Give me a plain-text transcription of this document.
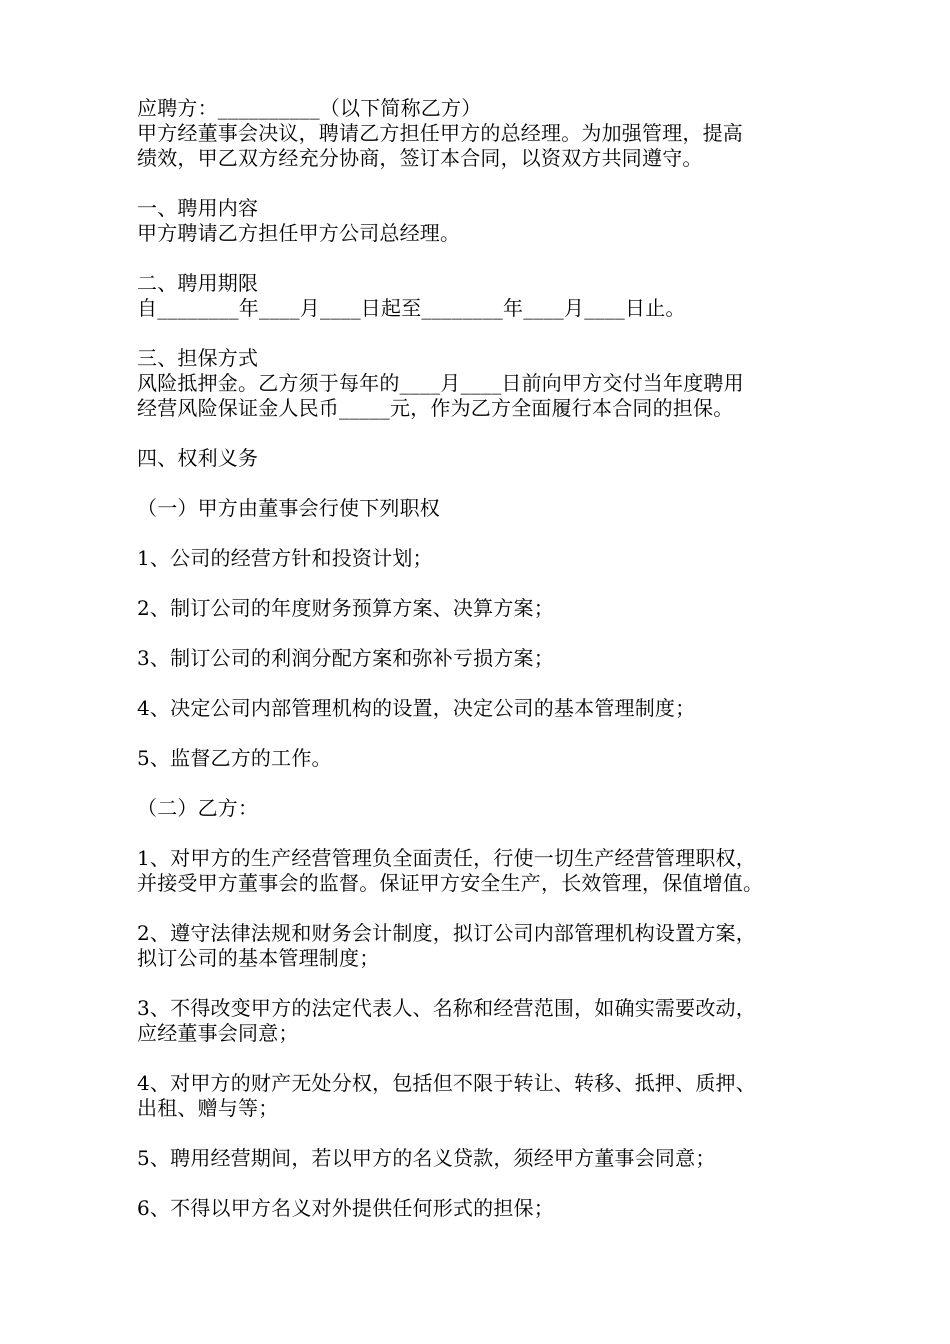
应聘方：__________（以下简称乙方）
甲方经董事会决议，聘请乙方担任甲方的总经理。为加强管理，提高
绩效，甲乙双方经充分协商，签订本合同，以资双方共同遵守。
一、聘用内容
甲方聘请乙方担任甲方公司总经理。
二、聘用期限
自________年____月____日起至________年____月____日止。
三、担保方式
风险抵押金。乙方须于每年的____月____日前向甲方交付当年度聘用
经营风险保证金人民币_____元，作为乙方全面履行本合同的担保。
四、权利义务
（一）甲方由董事会行使下列职权
1、公司的经营方针和投资计划；
2、制订公司的年度财务预算方案、决算方案；
3、制订公司的利润分配方案和弥补亏损方案；
4、决定公司内部管理机构的设置，决定公司的基本管理制度；
5、监督乙方的工作。
（二）乙方：
1、对甲方的生产经营管理负全面责任，行使一切生产经营管理职权，
并接受甲方董事会的监督。保证甲方安全生产，长效管理，保值增值。
2、遵守法律法规和财务会计制度，拟订公司内部管理机构设置方案，
拟订公司的基本管理制度；
3、不得改变甲方的法定代表人、名称和经营范围，如确实需要改动，
应经董事会同意；
4、对甲方的财产无处分权，包括但不限于转让、转移、抵押、质押、
出租、赠与等；
5、聘用经营期间，若以甲方的名义贷款，须经甲方董事会同意；
6、不得以甲方名义对外提供任何形式的担保；
